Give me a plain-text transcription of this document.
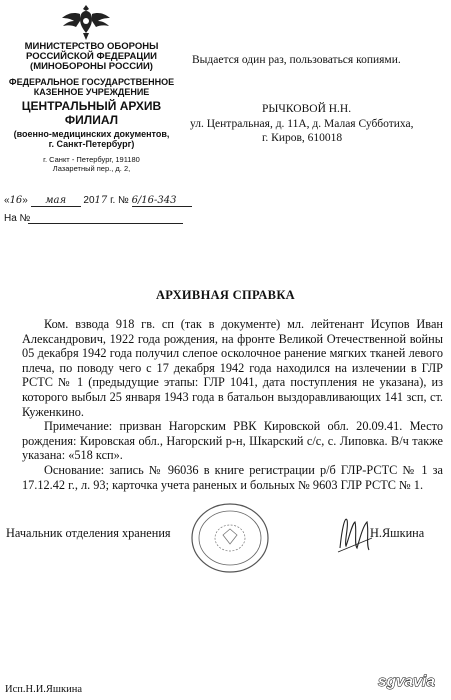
МИНИСТЕРСТВО ОБОРОНЫ
РОССИЙСКОЙ ФЕДЕРАЦИИ
(МИНОБОРОНЫ РОССИИ)
ФЕДЕРАЛЬНОЕ ГОСУДАРСТВЕННОЕ
КАЗЕННОЕ УЧРЕЖДЕНИЕ
ЦЕНТРАЛЬНЫЙ АРХИВ
ФИЛИАЛ
(военно-медицинских документов,
г. Санкт-Петербург)
г. Санкт - Петербург, 191180
Лазаретный пер., д. 2,
«16» мая 2017 г. № 6/16-343
На №
Выдается один раз, пользоваться копиями.
РЫЧКОВОЙ Н.Н.
ул. Центральная, д. 11А, д. Малая Субботиха,
г. Киров, 610018
АРХИВНАЯ СПРАВКА

Ком. взвода 918 гв. сп (так в документе) мл. лейтенант Исупов Иван Александрович, 1922 года рождения, на фронте Великой Отечественной войны 05 декабря 1942 года получил слепое осколочное ранение мягких тканей левого плеча, по поводу чего с 17 декабря 1942 года находился на излечении в ГЛР РСТС № 1 (предыдущие этапы: ГЛР 1041, дата поступления не указана), из которого выбыл 25 января 1943 года в батальон выздоравливающих 141 зсп, ст. Куженкино.

Примечание: призван Нагорским РВК Кировской обл. 20.09.41. Место рождения: Кировская обл., Нагорский р-н, Шкарский с/с, с. Липовка. В/ч также указана: «518 ксп».

Основание: запись № 96036 в книге регистрации р/б ГЛР-РСТС № 1 за 17.12.42 г., л. 93; карточка учета раненых и больных № 9603 ГЛР РСТС № 1.

Начальник отделения хранения	Н.Яшкина
Исп.Н.И.Яшкина	sgvavia
